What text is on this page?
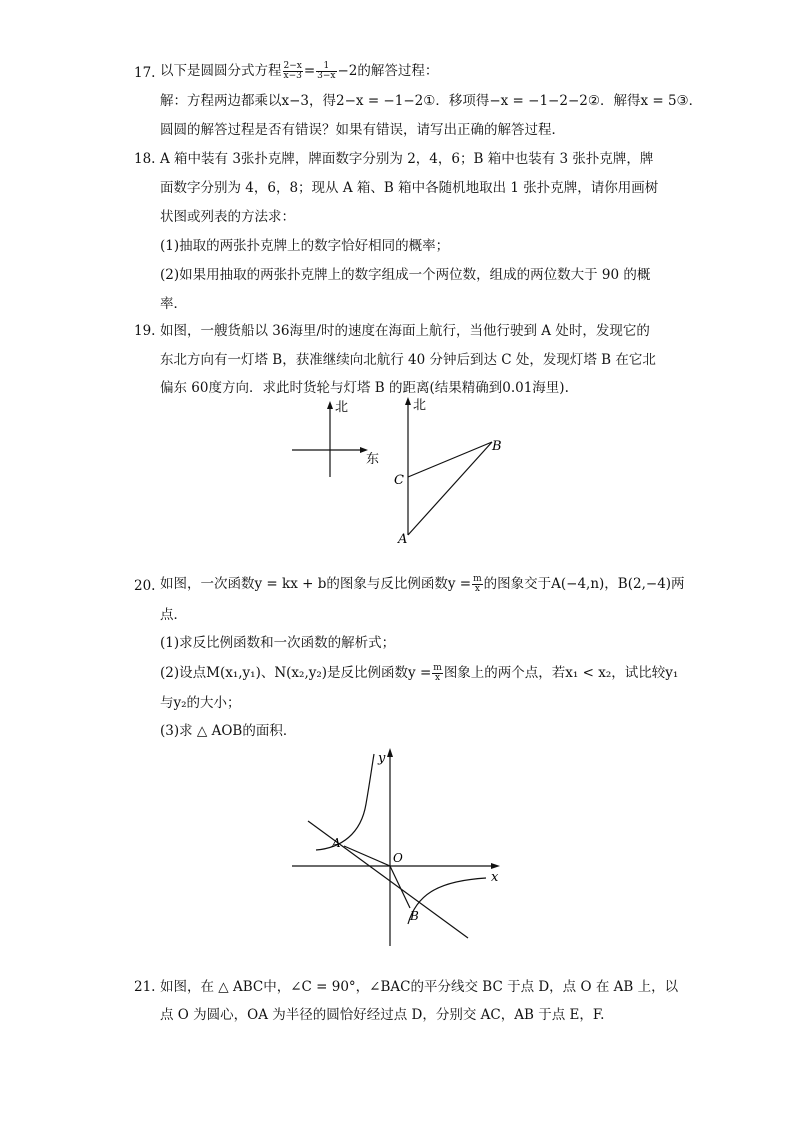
17. 以下是圆圆分式方程 $\frac{2-x}{x-3} = \frac{1}{3-x} -2$的解答过程：
解：方程两边都乘以x−3，得2−x = −1−2①．移项得−x = −1−2−2②．解得x = 5③．
圆圆的解答过程是否有错误？如果有错误，请写出正确的解答过程．
18. A 箱中装有 3张扑克牌，牌面数字分别为 2，4，6；B 箱中也装有 3 张扑克牌，牌
面数字分别为 4，6，8；现从 A 箱、B 箱中各随机地取出 1 张扑克牌，请你用画树
状图或列表的方法求：
(1)抽取的两张扑克牌上的数字恰好相同的概率；
(2)如果用抽取的两张扑克牌上的数字组成一个两位数，组成的两位数大于 90 的概
率．
19. 如图，一艘货船以 36海里/时的速度在海面上航行，当他行驶到 A 处时，发现它的
东北方向有一灯塔 B，获准继续向北航行 40 分钟后到达 C 处，发现灯塔 B 在它北
偏东 60度方向．求此时货轮与灯塔 B 的距离(结果精确到0.01海里).
北
东
北
A
B
C
20. 如图，一次函数y = kx + b的图象与反比例函数$y = \frac{m}{x}$ 的图象交于A(−4,n)，B(2,−4)两
点．
(1)求反比例函数和一次函数的解析式；
(2)设点M(x₁,y₁)、N(x₂,y₂)是反比例函数$y = \frac{m}{x}$ 图象上的两个点，若x₁ < x₂，试比较y₁
与y₂的大小；
(3)求 △ AOB的面积．
y
x
O
A
B
21. 如图，在 △ ABC中，∠C = 90°，∠BAC的平分线交 BC 于点 D，点 O 在 AB 上，以
点 O 为圆心，OA 为半径的圆恰好经过点 D，分别交 AC，AB 于点 E，F.
